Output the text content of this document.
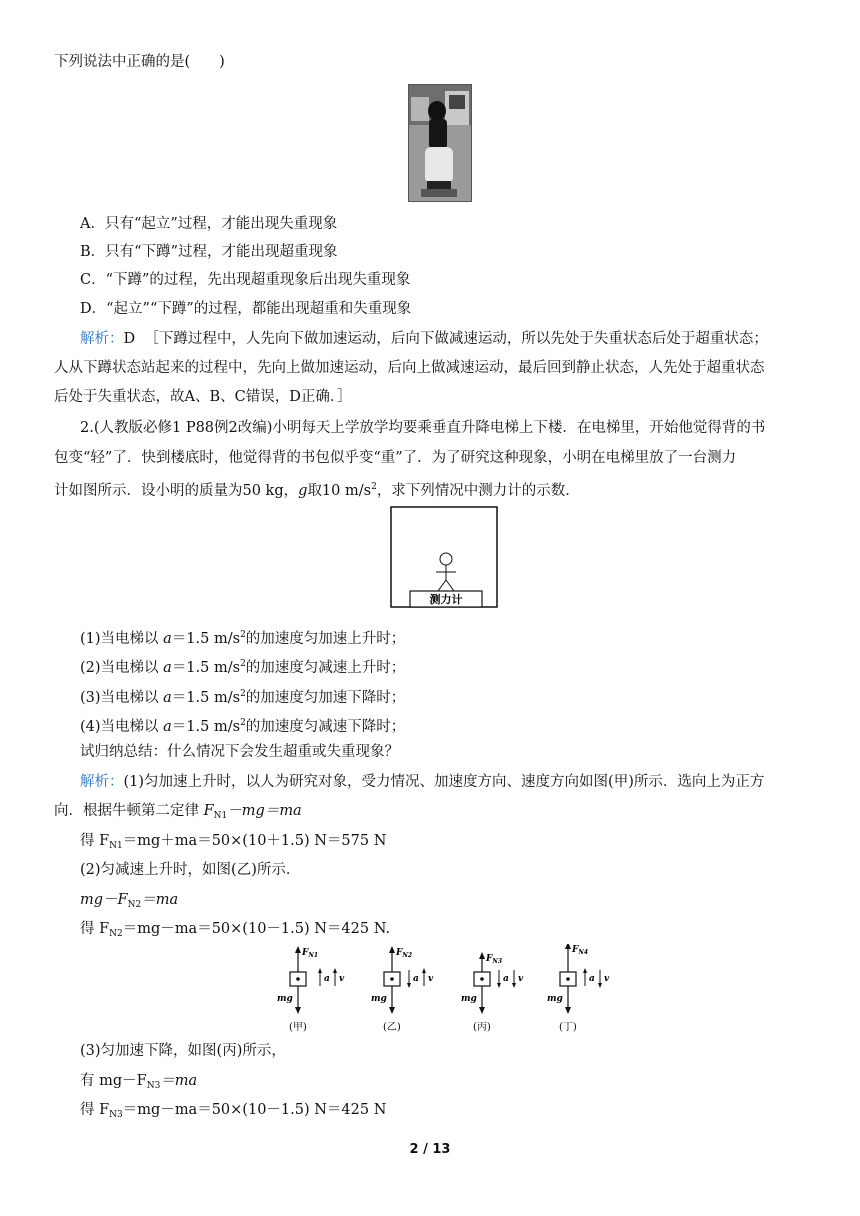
下列说法中正确的是(　　)
A．只有“起立”过程，才能出现失重现象
B．只有“下蹲”过程，才能出现超重现象
C．“下蹲”的过程，先出现超重现象后出现失重现象
D．“起立”“下蹲”的过程，都能出现超重和失重现象
解析：D ［下蹲过程中，人先向下做加速运动，后向下做减速运动，所以先处于失重状态后处于超重状态；
人从下蹲状态站起来的过程中，先向上做加速运动，后向上做减速运动，最后回到静止状态，人先处于超重状态
后处于失重状态，故A、B、C错误，D正确．］
2.(人教版必修1 P88例2改编)小明每天上学放学均要乘垂直升降电梯上下楼．在电梯里，开始他觉得背的书
包变“轻”了．快到楼底时，他觉得背的书包似乎变“重”了．为了研究这种现象，小明在电梯里放了一台测力
计如图所示．设小明的质量为50 kg，g取10 $m/s^2$，求下列情况中测力计的示数．
测力计
(1)当电梯以 a＝1.5 $m/s^2$的加速度匀加速上升时；
(2)当电梯以 a＝1.5 $m/s^2$的加速度匀减速上升时；
(3)当电梯以 a＝1.5 $m/s^2$的加速度匀加速下降时；
(4)当电梯以 a＝1.5 $m/s^2$的加速度匀减速下降时；
试归纳总结：什么情况下会发生超重或失重现象？
解析：(1)匀加速上升时，以人为研究对象，受力情况、加速度方向、速度方向如图(甲)所示．选向上为正方
向．根据牛顿第二定律 $F_{N1}-mg=ma$
得 $F_{N1}=mg+ma=50\times(10+1.5)$ N＝575 N
(2)匀减速上升时，如图(乙)所示．
$mg-F_{N2}=ma$
得 $F_{N2}=mg-ma=50\times(10-1.5)$ N＝425 N.
$F_{N1}$
a v
mg
(甲)
$F_{N2}$
a v
mg
(乙)
$F_{N3}$
a v
mg
(丙)
$F_{N4}$
a v
mg
(丁)
(3)匀加速下降，如图(丙)所示，
有 $mg-F_{N3}=ma$
得 $F_{N3}=mg-ma=50\times(10-1.5)$ N＝425 N
2 / 13
